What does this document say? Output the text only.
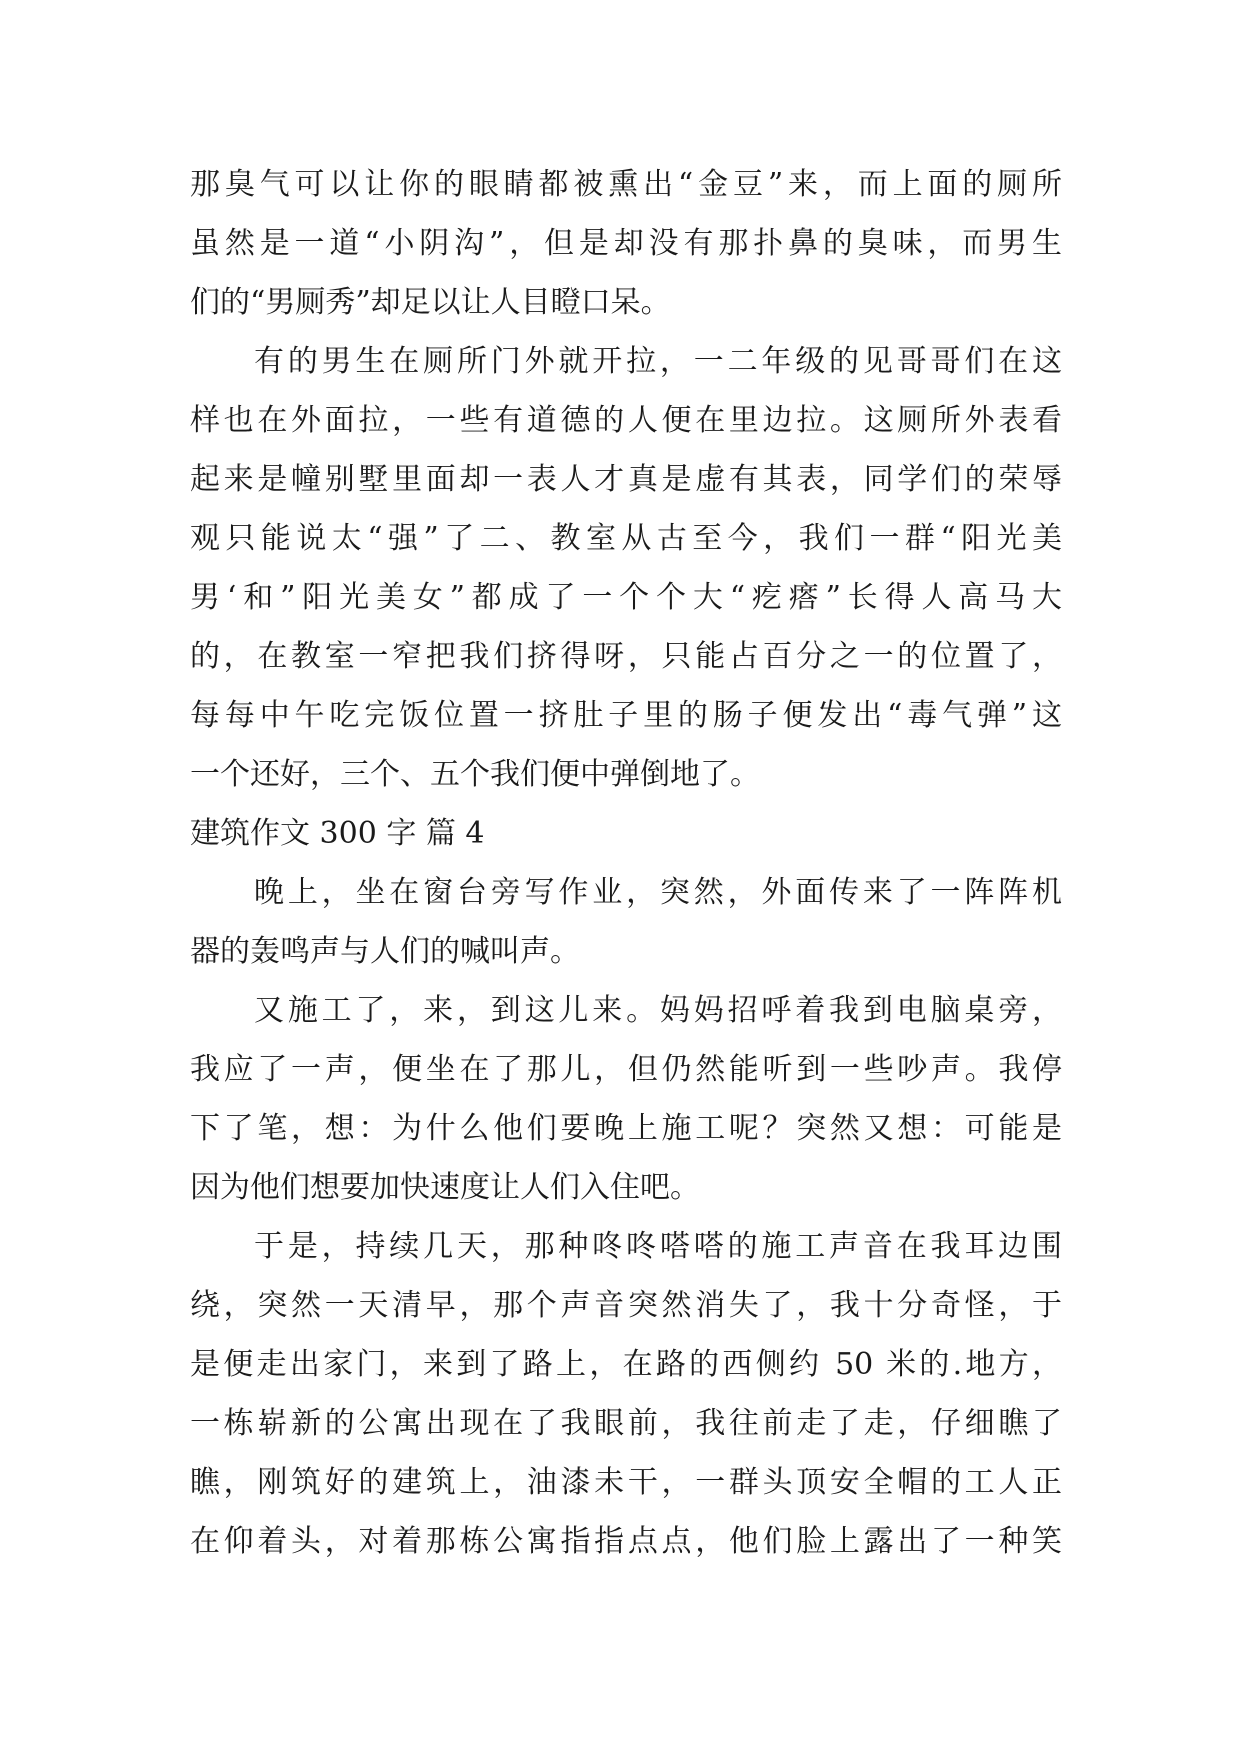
那臭气可以让你的眼睛都被熏出“金豆”来，而上面的厕所
虽然是一道“小阴沟”，但是却没有那扑鼻的臭味，而男生
们的“男厕秀”却足以让人目瞪口呆。
有的男生在厕所门外就开拉，一二年级的见哥哥们在这
样也在外面拉，一些有道德的人便在里边拉。这厕所外表看
起来是幢别墅里面却一表人才真是虚有其表，同学们的荣辱
观只能说太“强”了二、教室从古至今，我们一群“阳光美
男‘和”阳光美女”都成了一个个大“疙瘩”长得人高马大
的，在教室一窄把我们挤得呀，只能占百分之一的位置了，
每每中午吃完饭位置一挤肚子里的肠子便发出“毒气弹”这
一个还好，三个、五个我们便中弹倒地了。
建筑作文 300 字 篇 4
晚上，坐在窗台旁写作业，突然，外面传来了一阵阵机
器的轰鸣声与人们的喊叫声。
又施工了，来，到这儿来。妈妈招呼着我到电脑桌旁，
我应了一声，便坐在了那儿，但仍然能听到一些吵声。我停
下了笔，想：为什么他们要晚上施工呢？突然又想：可能是
因为他们想要加快速度让人们入住吧。
于是，持续几天，那种咚咚嗒嗒的施工声音在我耳边围
绕，突然一天清早，那个声音突然消失了，我十分奇怪，于
是便走出家门，来到了路上，在路的西侧约 50 米的.地方，
一栋崭新的公寓出现在了我眼前，我往前走了走，仔细瞧了
瞧，刚筑好的建筑上，油漆未干，一群头顶安全帽的工人正
在仰着头，对着那栋公寓指指点点，他们脸上露出了一种笑
